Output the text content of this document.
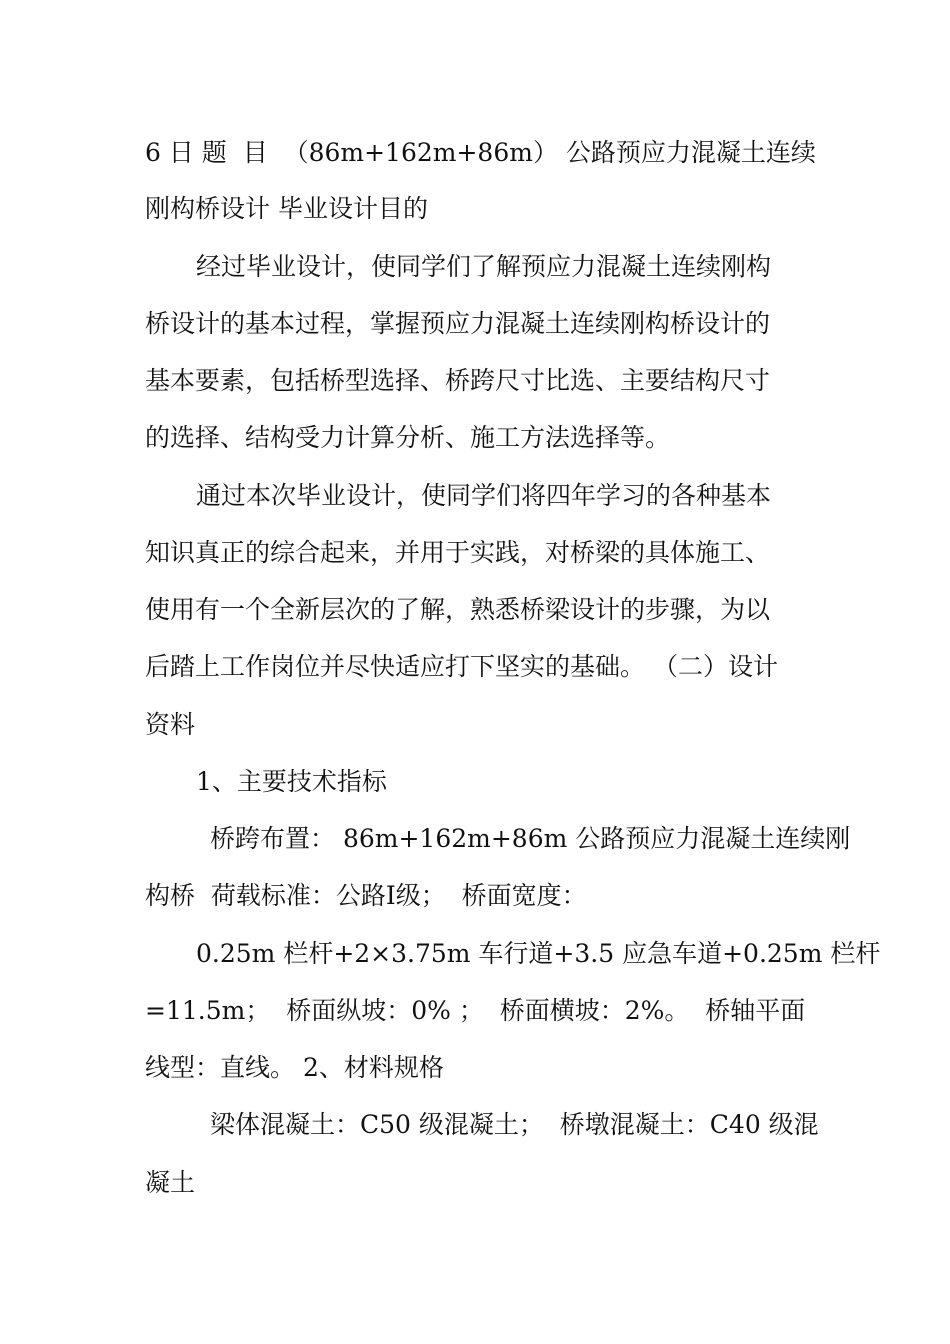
6 日 题  目  （86m+162m+86m） 公路预应力混凝土连续
刚构桥设计 毕业设计目的
经过毕业设计，使同学们了解预应力混凝土连续刚构
桥设计的基本过程，掌握预应力混凝土连续刚构桥设计的
基本要素，包括桥型选择、桥跨尺寸比选、主要结构尺寸
的选择、结构受力计算分析、施工方法选择等。
通过本次毕业设计，使同学们将四年学习的各种基本
知识真正的综合起来，并用于实践，对桥梁的具体施工、
使用有一个全新层次的了解，熟悉桥梁设计的步骤，为以
后踏上工作岗位并尽快适应打下坚实的基础。 （二）设计
资料
1、主要技术指标
桥跨布置： 86m+162m+86m 公路预应力混凝土连续刚
构桥  荷载标准：公路Ⅰ级；  桥面宽度：
0.25m 栏杆+2×3.75m 车行道+3.5 应急车道+0.25m 栏杆
=11.5m；  桥面纵坡：0% ；  桥面横坡：2%。  桥轴平面
线型：直线。 2、材料规格
梁体混凝土：C50 级混凝土；  桥墩混凝土：C40 级混
凝土
